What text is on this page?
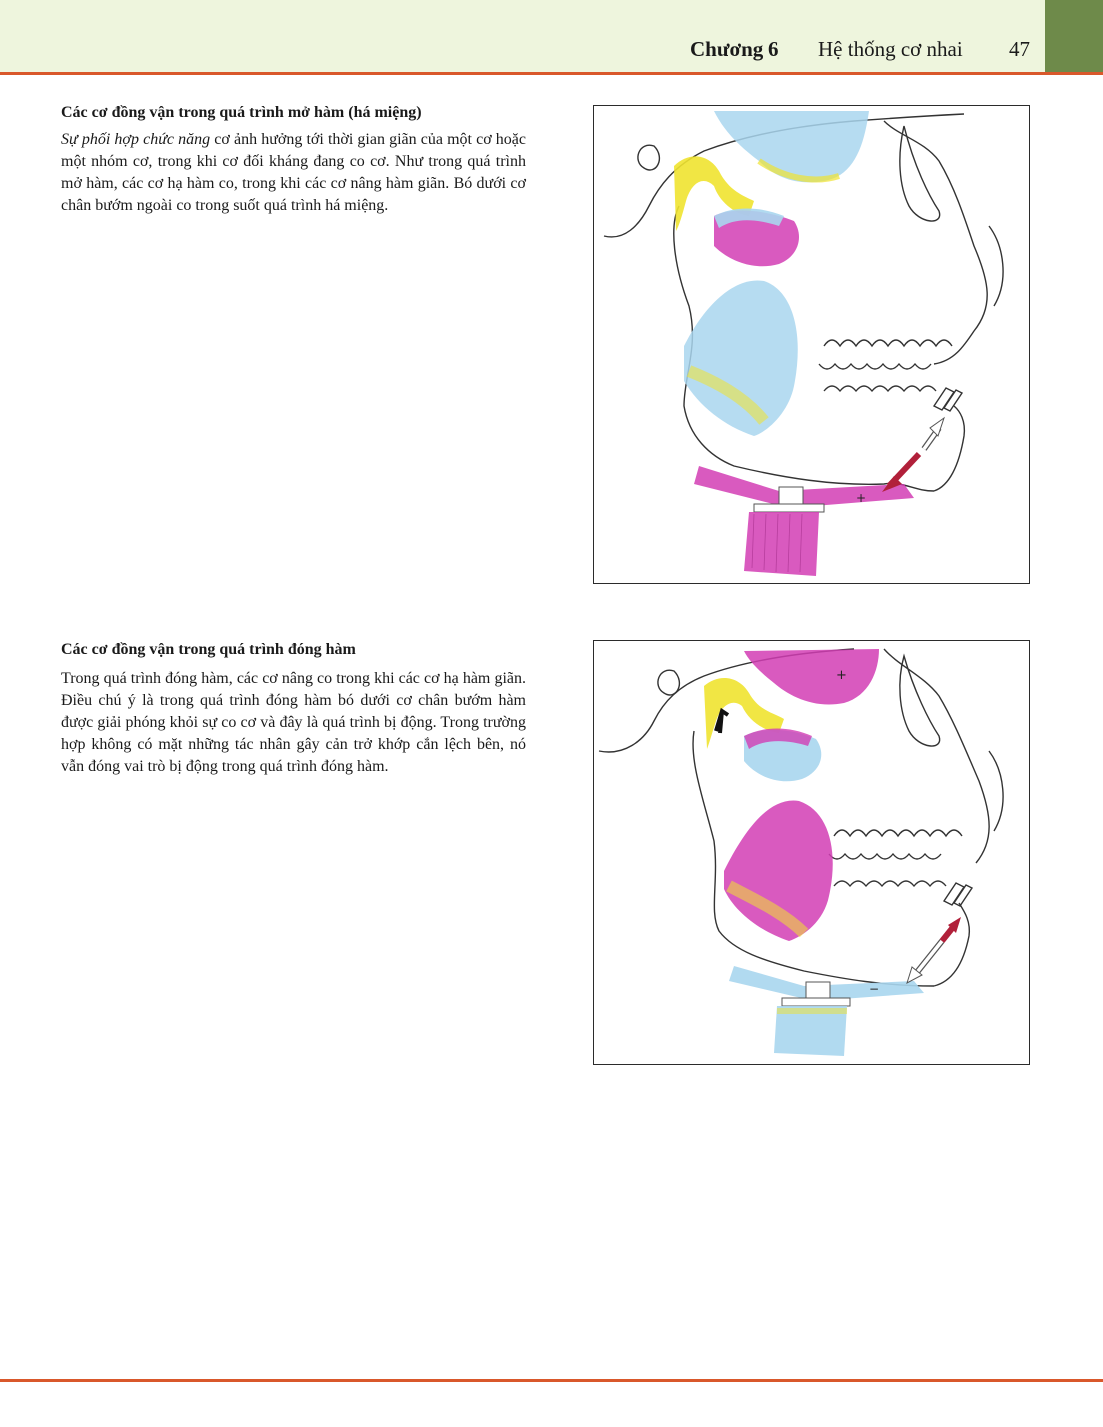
Chương 6 Hệ thống cơ nhai 47
Các cơ đồng vận trong quá trình mở hàm (há miệng)

Sự phối hợp chức năng cơ ảnh hưởng tới thời gian giãn của một cơ hoặc một nhóm cơ, trong khi cơ đối kháng đang co cơ. Như trong quá trình mở hàm, các cơ hạ hàm co, trong khi các cơ nâng hàm giãn. Bó dưới cơ chân bướm ngoài co trong suốt quá trình há miệng.

+
Các cơ đồng vận trong quá trình đóng hàm

Trong quá trình đóng hàm, các cơ nâng co trong khi các cơ hạ hàm giãn. Điều chú ý là trong quá trình đóng hàm bó dưới cơ chân bướm hàm được giải phóng khỏi sự co cơ và đây là quá trình bị động. Trong trường hợp không có mặt những tác nhân gây cản trở khớp cắn lệch bên, nó vẫn đóng vai trò bị động trong quá trình đóng hàm.

+
−
